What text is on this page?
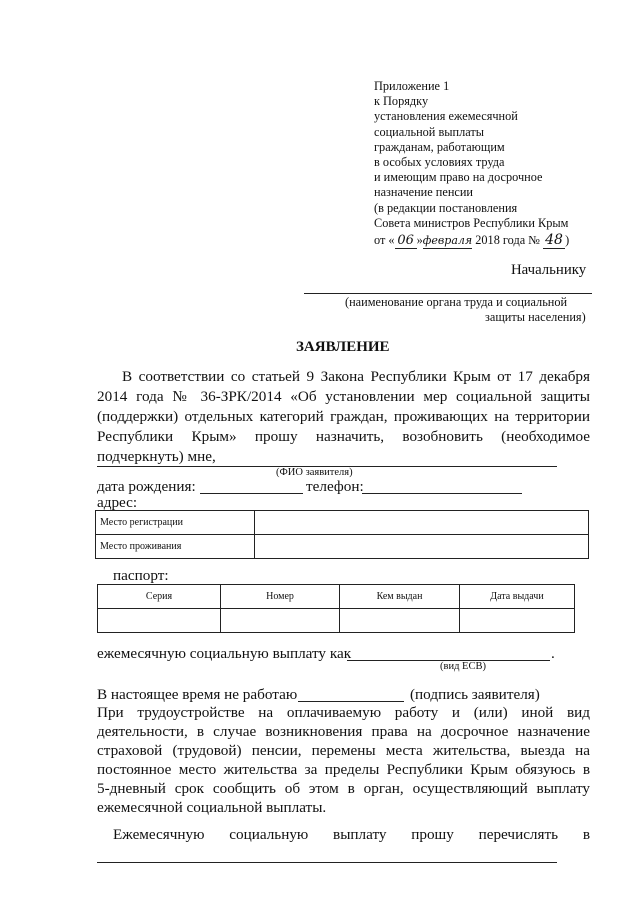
Приложение 1
к Порядку
установления ежемесячной
социальной выплаты
гражданам, работающим
в особых условиях труда
и имеющим право на досрочное
назначение пенсии
(в редакции постановления
Совета министров Республики Крым
от « 06 »февраля 2018 года № 48 )
Начальнику
(наименование органа труда и социальной
защиты населения)
ЗАЯВЛЕНИЕ
В соответствии со статьей 9 Закона Республики Крым от 17 декабря
2014 года № 36-ЗРК/2014 «Об установлении мер социальной защиты
(поддержки) отдельных категорий граждан, проживающих на территории
Республики Крым» прошу назначить, возобновить (необходимое
подчеркнуть) мне,
(ФИО заявителя)
дата рождения:	телефон:
адрес:
Место регистрации	
Место проживания	
паспорт:
Серия	Номер	Кем выдан	Дата выдачи

ежемесячную социальную выплату как	.
(вид ЕСВ)
В настоящее время не работаю	(подпись заявителя)
При трудоустройстве на оплачиваемую работу и (или) иной вид
деятельности, в случае возникновения права на досрочное назначение
страховой (трудовой) пенсии, перемены места жительства, выезда на
постоянное место жительства за пределы Республики Крым обязуюсь в
5-дневный срок сообщить об этом в орган, осуществляющий выплату
ежемесячной социальной выплаты.
Ежемесячную социальную выплату прошу перечислять в
